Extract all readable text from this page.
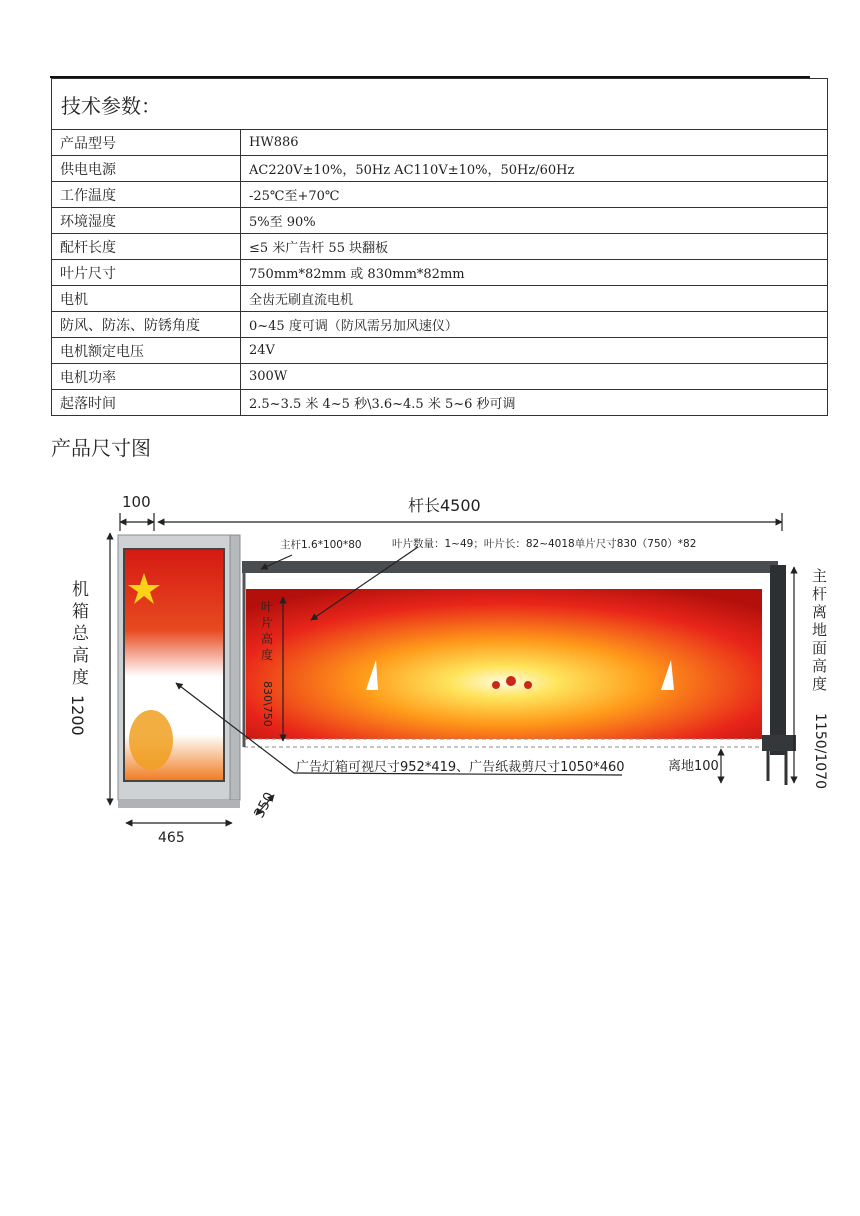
技术参数：	
产品型号	HW886
供电电源	AC220V±10%，50Hz AC110V±10%，50Hz/60Hz
工作温度	-25℃至+70℃
环境湿度	5%至 90%
配杆长度	≤5 米广告杆 55 块翻板
叶片尺寸	750mm*82mm 或 830mm*82mm
电机	全齿无刷直流电机
防风、防冻、防锈角度	0~45 度可调（防风需另加风速仪）
电机额定电压	24V
电机功率	300W
起落时间	2.5~3.5 米 4~5 秒\3.6~4.5 米 5~6 秒可调
产品尺寸图
100	杆长4500
主杆1.6*100*80	叶片数量：1~49；叶片长：82~4018单片尺寸830（750）*82
机
箱
总
高
度
1200
叶
片
高
度
830\750
主
杆
离
地
面
高
度
1150/1070
广告灯箱可视尺寸952*419、广告纸裁剪尺寸1050*460	离地100
350
465
